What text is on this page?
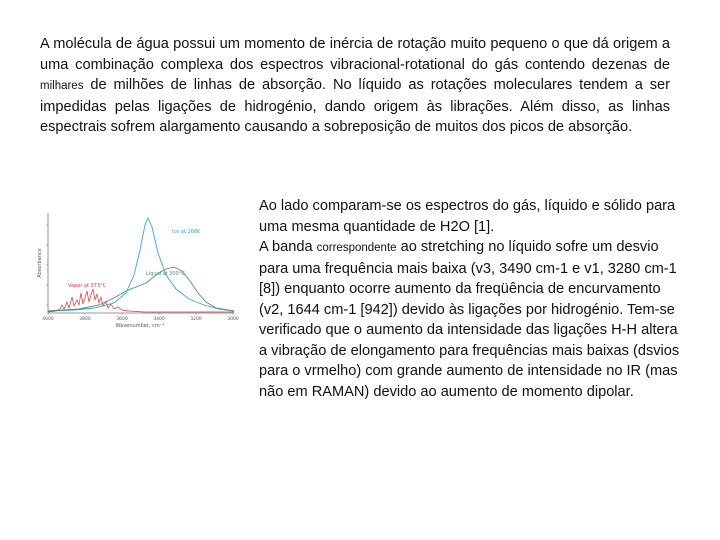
A molécula de água possui um momento de inércia de rotação muito pequeno o que dá origem a uma combinação complexa dos espectros vibracional-rotational do gás contendo dezenas de milhares de milhões de linhas de absorção. No líquido as rotações moleculares tendem a ser impedidas pelas ligações de hidrogénio, dando origem às librações. Além disso, as linhas espectrais sofrem alargamento causando a sobreposição de muitos dos picos de absorção.

4000	3800	3600	3400	3200	3000
Wavenumber, cm⁻¹
Absorbance
Ice at 266K
Liquid at 300°C
Vapor at 373°C
Ao lado comparam-se os espectros do gás, líquido e sólido para uma mesma quantidade de H2O [1].
A banda correspondente ao stretching no líquido sofre um desvio para uma frequência mais baixa (v3, 3490 cm-1 e v1, 3280 cm-1 [8]) enquanto ocorre aumento da freqüência de encurvamento (v2, 1644 cm-1 [942]) devido às ligações por hidrogénio. Tem-se verificado que o aumento da intensidade das ligações H-H altera a vibração de elongamento para frequências mais baixas (dsvios para o vrmelho) com grande aumento de intensidade no IR (mas não em RAMAN) devido ao aumento de momento dipolar.
